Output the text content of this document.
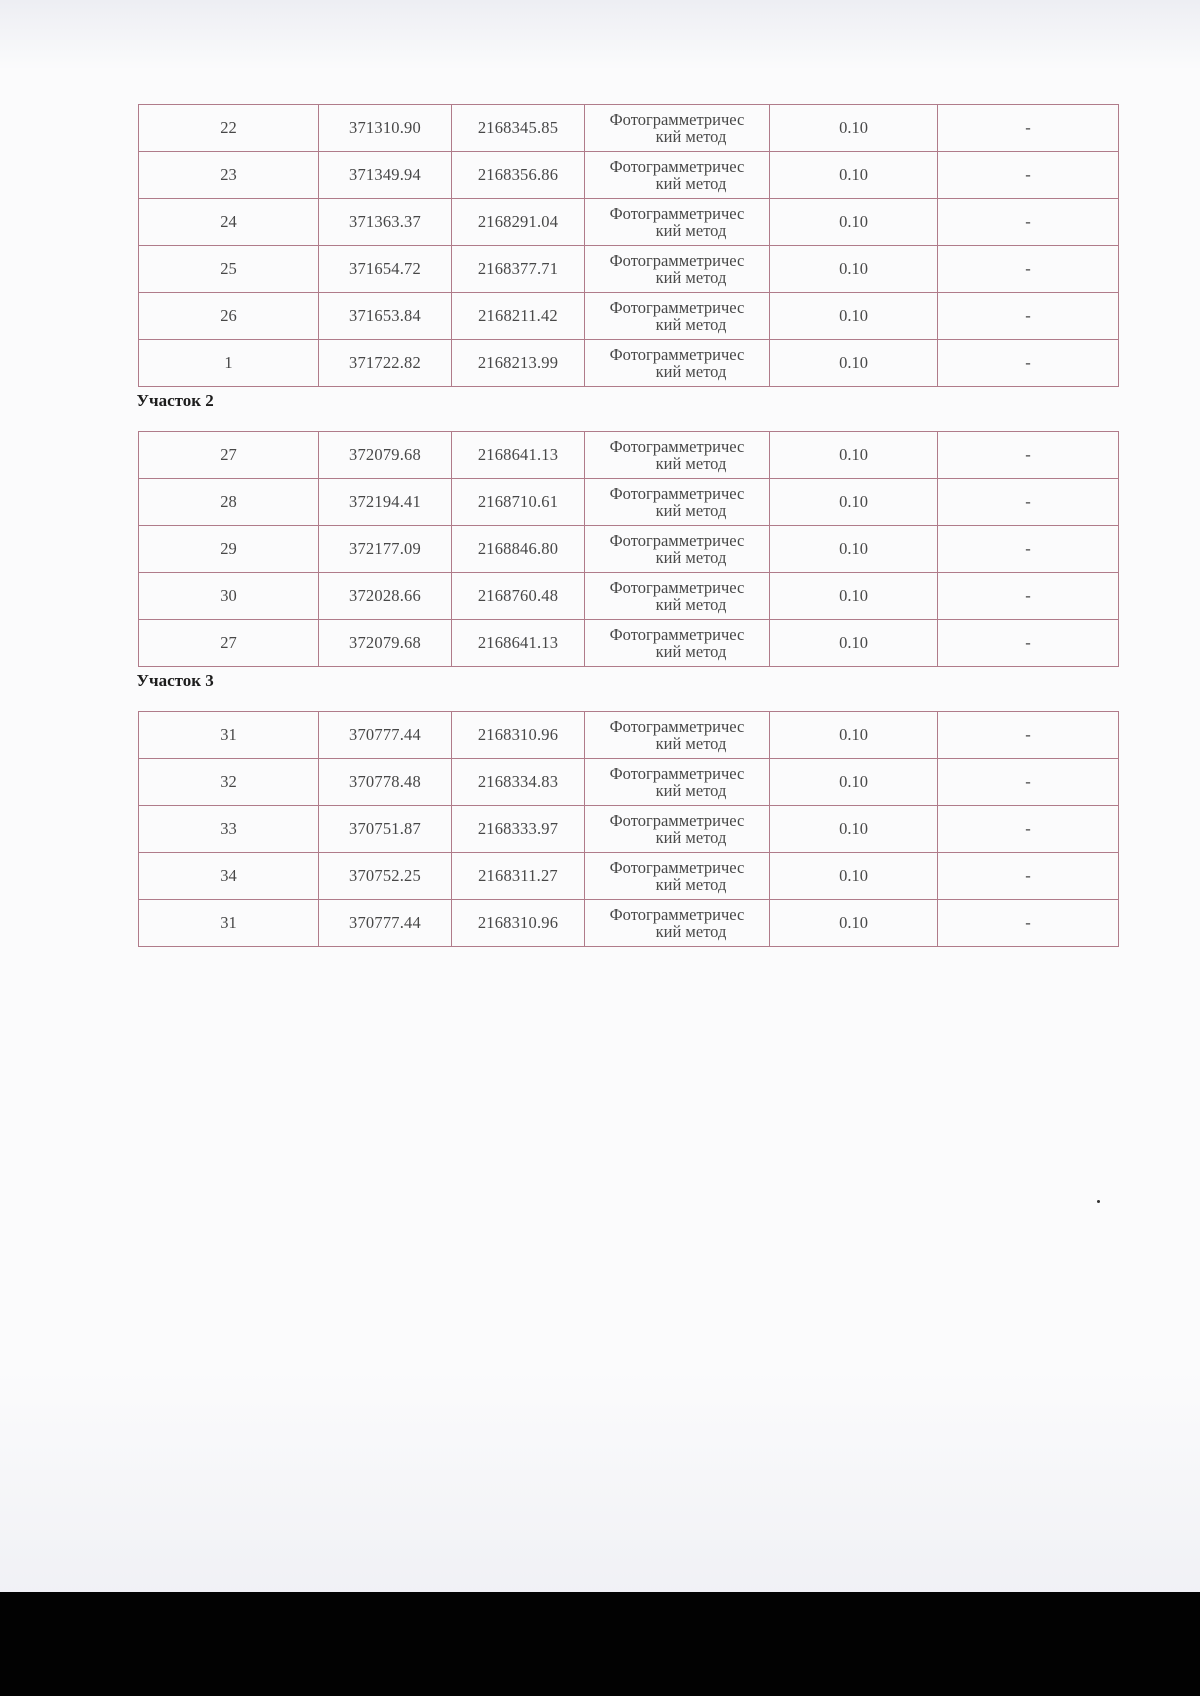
22	371310.90	2168345.85	Фотограмметричес
кий метод	0.10	-
23	371349.94	2168356.86	Фотограмметричес
кий метод	0.10	-
24	371363.37	2168291.04	Фотограмметричес
кий метод	0.10	-
25	371654.72	2168377.71	Фотограмметричес
кий метод	0.10	-
26	371653.84	2168211.42	Фотограмметричес
кий метод	0.10	-
1	371722.82	2168213.99	Фотограмметричес
кий метод	0.10	-
Участок 2					
27	372079.68	2168641.13	Фотограмметричес
кий метод	0.10	-
28	372194.41	2168710.61	Фотограмметричес
кий метод	0.10	-
29	372177.09	2168846.80	Фотограмметричес
кий метод	0.10	-
30	372028.66	2168760.48	Фотограмметричес
кий метод	0.10	-
27	372079.68	2168641.13	Фотограмметричес
кий метод	0.10	-
Участок 3					
31	370777.44	2168310.96	Фотограмметричес
кий метод	0.10	-
32	370778.48	2168334.83	Фотограмметричес
кий метод	0.10	-
33	370751.87	2168333.97	Фотограмметричес
кий метод	0.10	-
34	370752.25	2168311.27	Фотограмметричес
кий метод	0.10	-
31	370777.44	2168310.96	Фотограмметричес
кий метод	0.10	-
